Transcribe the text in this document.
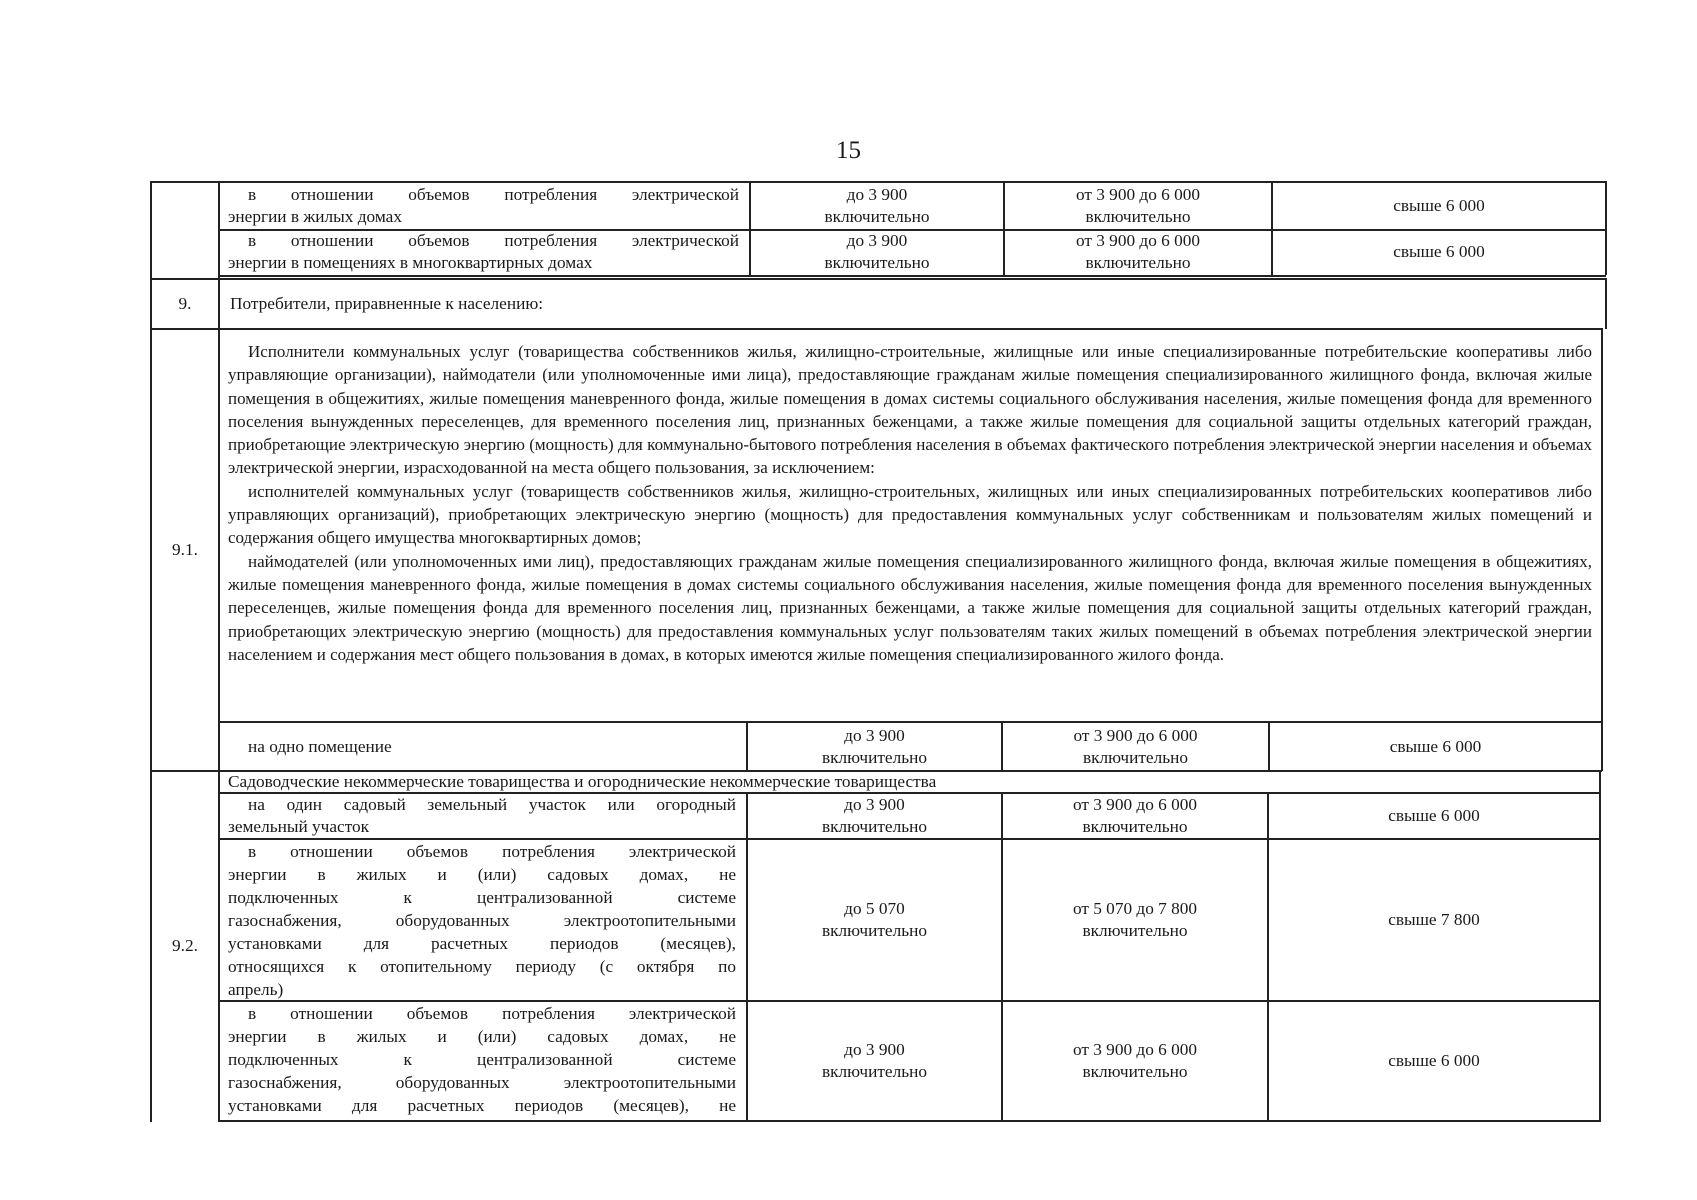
15
в отношении объемов потребления электрической
энергии в жилых домах
до 3 900
включительно
от 3 900 до 6 000
включительно
свыше 6 000
в отношении объемов потребления электрической
энергии в помещениях в многоквартирных домах
до 3 900
включительно
от 3 900 до 6 000
включительно
свыше 6 000
9.	Потребители, приравненные к населению:
9.1.

Исполнители коммунальных услуг (товарищества собственников жилья, жилищно-строительные, жилищные или иные специализированные потребительские кооперативы либо управляющие организации), наймодатели (или уполномоченные ими лица), предоставляющие гражданам жилые помещения специализированного жилищного фонда, включая жилые помещения в общежитиях, жилые помещения маневренного фонда, жилые помещения в домах системы социального обслуживания населения, жилые помещения фонда для временного поселения вынужденных переселенцев, для временного поселения лиц, признанных беженцами, а также жилые помещения для социальной защиты отдельных категорий граждан, приобретающие электрическую энергию (мощность) для коммунально-бытового потребления населения в объемах фактического потребления электрической энергии населения и объемах электрической энергии, израсходованной на места общего пользования, за исключением:

исполнителей коммунальных услуг (товариществ собственников жилья, жилищно-строительных, жилищных или иных специализированных потребительских кооперативов либо управляющих организаций), приобретающих электрическую энергию (мощность) для предоставления коммунальных услуг собственникам и пользователям жилых помещений и содержания общего имущества многоквартирных домов;

наймодателей (или уполномоченных ими лиц), предоставляющих гражданам жилые помещения специализированного жилищного фонда, включая жилые помещения в общежитиях, жилые помещения маневренного фонда, жилые помещения в домах системы социального обслуживания населения, жилые помещения фонда для временного поселения вынужденных переселенцев, жилые помещения фонда для временного поселения лиц, признанных беженцами, а также жилые помещения для социальной защиты отдельных категорий граждан, приобретающих электрическую энергию (мощность) для предоставления коммунальных услуг пользователям таких жилых помещений в объемах потребления электрической энергии населением и содержания мест общего пользования в домах, в которых имеются жилые помещения специализированного жилого фонда.

на одно помещение
до 3 900
включительно
от 3 900 до 6 000
включительно
свыше 6 000
9.2.
Садоводческие некоммерческие товарищества и огороднические некоммерческие товарищества
на один садовый земельный участок или огородный
земельный участок
до 3 900
включительно
от 3 900 до 6 000
включительно
свыше 6 000
в отношении объемов потребления электрической
энергии в жилых и (или) садовых домах, не
подключенных к централизованной системе
газоснабжения, оборудованных электроотопительными
установками для расчетных периодов (месяцев),
относящихся к отопительному периоду (с октября по
апрель)
до 5 070
включительно
от 5 070 до 7 800
включительно
свыше 7 800
в отношении объемов потребления электрической
энергии в жилых и (или) садовых домах, не
подключенных к централизованной системе
газоснабжения, оборудованных электроотопительными
установками для расчетных периодов (месяцев), не
до 3 900
включительно
от 3 900 до 6 000
включительно
свыше 6 000
